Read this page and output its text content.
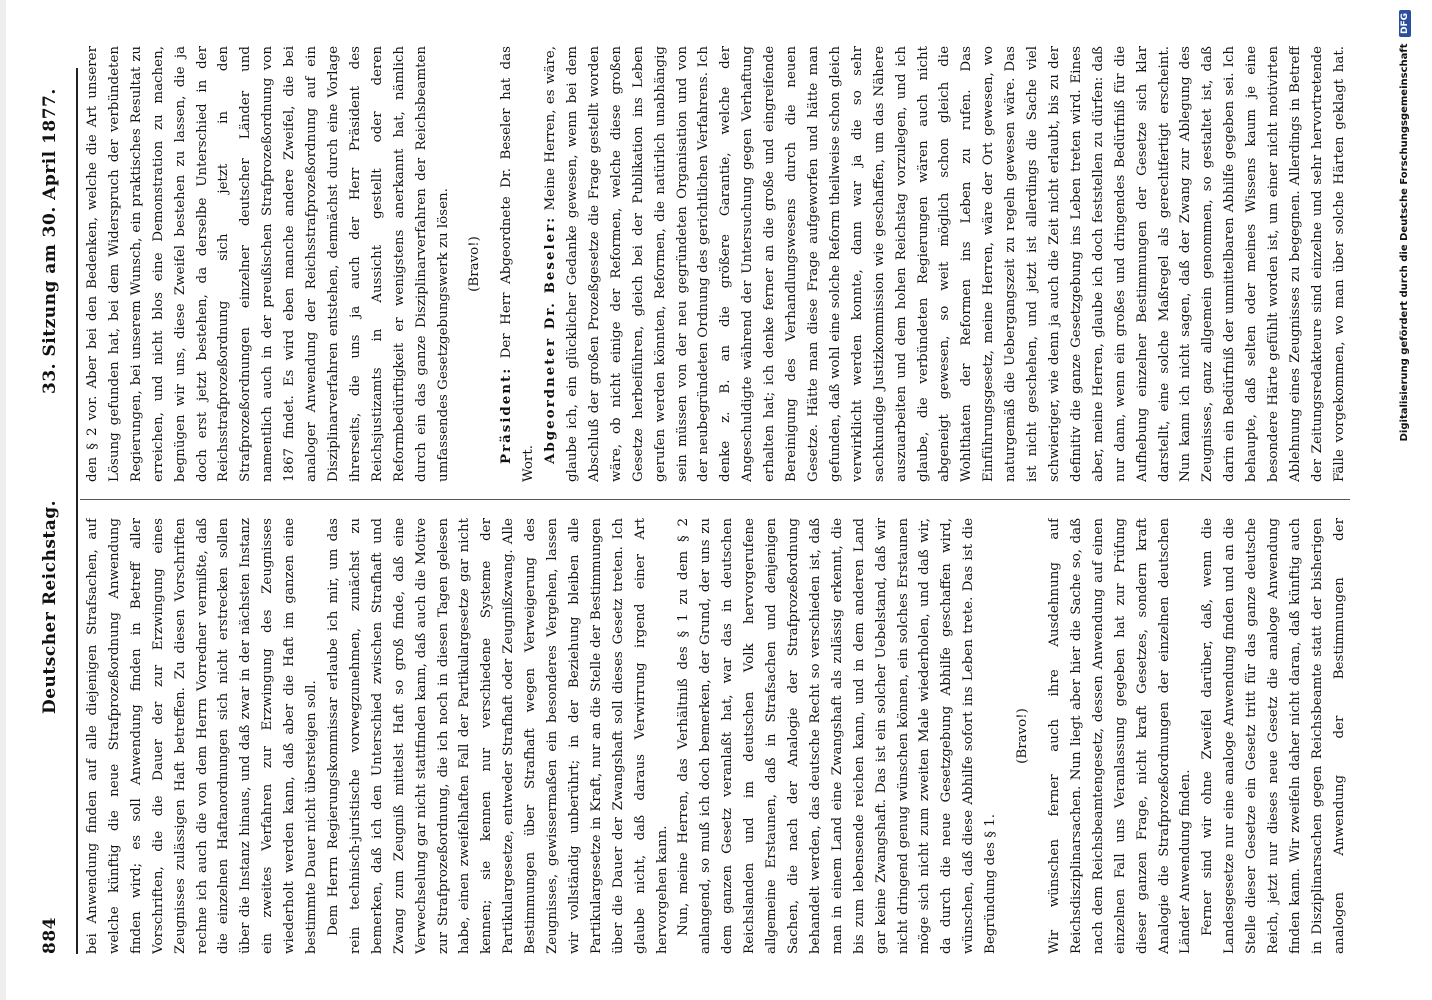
884
Deutscher Reichstag.
33. Sitzung am 30. April 1877.

bei Anwendung finden auf alle diejenigen Strafsachen, auf welche künftig die neue Strafprozeßordnung Anwendung finden wird; es soll Anwendung finden in Betreff aller Vorschriften, die die Dauer der zur Erzwingung eines Zeugnisses zulässigen Haft betreffen. Zu diesen Vorschriften rechne ich auch die von dem Herrn Vorredner vermißte, daß die einzelnen Haftanordnungen sich nicht erstrecken sollen über die Instanz hinaus, und daß zwar in der nächsten Instanz ein zweites Verfahren zur Erzwingung des Zeugnisses wiederholt werden kann, daß aber die Haft im ganzen eine bestimmte Dauer nicht übersteigen soll. Dem Herrn Regierungskommissar erlaube ich mir, um das rein technisch-juristische vorwegzunehmen, zunächst zu bemerken, daß ich den Unterschied zwischen Strafhaft und Zwang zum Zeugniß mittelst Haft so groß finde, daß eine Verwechselung gar nicht stattfinden kann, daß auch die Motive zur Strafprozeßordnung, die ich noch in diesen Tagen gelesen habe, einen zweifelhaften Fall der Partikulargesetze gar nicht kennen; sie kennen nur verschiedene Systeme der Partikulargesetze, entweder Strafhaft oder Zeugnißzwang. Alle Bestimmungen über Strafhaft wegen Verweigerung des Zeugnisses, gewissermaßen ein besonderes Vergehen, lassen wir vollständig unberührt; in der Beziehung bleiben alle Partikulargesetze in Kraft, nur an die Stelle der Bestimmungen über die Dauer der Zwangshaft soll dieses Gesetz treten. Ich glaube nicht, daß daraus Verwirrung irgend einer Art hervorgehen kann. Nun, meine Herren, das Verhältniß des § 1 zu dem § 2 anlangend, so muß ich doch bemerken, der Grund, der uns zu dem ganzen Gesetz veranlaßt hat, war das in deutschen Reichslanden und im deutschen Volk hervorgerufene allgemeine Erstaunen, daß in Strafsachen und denjenigen Sachen, die nach der Analogie der Strafprozeßordnung behandelt werden, das deutsche Recht so verschieden ist, daß man in einem Land eine Zwangshaft als zulässig erkennt, die bis zum lebensende reichen kann, und in dem anderen Land gar keine Zwangshaft. Das ist ein solcher Uebelstand, daß wir nicht dringend genug wünschen können, ein solches Erstaunen möge sich nicht zum zweiten Male wiederholen, und daß wir, da durch die neue Gesetzgebung Abhilfe geschaffen wird, wünschen, daß diese Abhilfe sofort ins Leben trete. Das ist die Begründung des § 1.

(Bravo!) Wir wünschen ferner auch ihre Ausdehnung auf Reichsdisziplinarsachen. Nun liegt aber hier die Sache so, daß nach dem Reichsbeamtengesetz, dessen Anwendung auf einen einzelnen Fall uns Veranlassung gegeben hat zur Prüfung dieser ganzen Frage, nicht kraft Gesetzes, sondern kraft Analogie die Strafprozeßordnungen der einzelnen deutschen Länder Anwendung finden. Ferner sind wir ohne Zweifel darüber, daß, wenn die Landesgesetze nur eine analoge Anwendung finden und an die Stelle dieser Gesetze ein Gesetz tritt für das ganze deutsche Reich, jetzt nur dieses neue Gesetz die analoge Anwendung finden kann. Wir zweifeln daher nicht daran, daß künftig auch in Disziplinarsachen gegen Reichsbeamte statt der bisherigen analogen Anwendung der Bestimmungen der

den § 2 vor. Aber bei den Bedenken, welche die Art unserer Lösung gefunden hat, bei dem Widerspruch der verbündeten Regierungen, bei unserem Wunsch, ein praktisches Resultat zu erreichen, und nicht blos eine Demonstration zu machen, begnügen wir uns, diese Zweifel bestehen zu lassen, die ja doch erst jetzt bestehen, da derselbe Unterschied in der Reichsstrafprozeßordnung sich jetzt in den Strafprozeßordnungen einzelner deutscher Länder und namentlich auch in der preußischen Strafprozeßordnung von 1867 findet. Es wird eben manche andere Zweifel, die bei analoger Anwendung der Reichsstrafprozeßordnung auf ein Disziplinarverfahren entstehen, demnächst durch eine Vorlage ihrerseits, die uns ja auch der Herr Präsident des Reichsjustizamts in Aussicht gestellt oder deren Reformbedürftigkeit er wenigstens anerkannt hat, nämlich durch ein das ganze Disziplinarverfahren der Reichsbeamten umfassendes Gesetzgebungswerk zu lösen. (Bravo!)

Präsident: Der Herr Abgeordnete Dr. Beseler hat das Wort. Abgeordneter Dr. Beseler: Meine Herren, es wäre, glaube ich, ein glücklicher Gedanke gewesen, wenn bei dem Abschluß der großen Prozeßgesetze die Frage gestellt worden wäre, ob nicht einige der Reformen, welche diese großen Gesetze herbeiführen, gleich bei der Publikation ins Leben gerufen werden könnten, Reformen, die natürlich unabhängig sein müssen von der neu gegründeten Organisation und von der neubegründeten Ordnung des gerichtlichen Verfahrens. Ich denke z. B. an die größere Garantie, welche der Angeschuldigte während der Untersuchung gegen Verhaftung erhalten hat; ich denke ferner an die große und eingreifende Bereinigung des Verhandlungswesens durch die neuen Gesetze. Hätte man diese Frage aufgeworfen und hätte man gefunden, daß wohl eine solche Reform theilweise schon gleich verwirklicht werden konnte, dann war ja die so sehr sachkundige Justizkommission wie geschaffen, um das Nähere auszuarbeiten und dem hohen Reichstag vorzulegen, und ich glaube, die verbündeten Regierungen wären auch nicht abgeneigt gewesen, so weit möglich schon gleich die Wohlthaten der Reformen ins Leben zu rufen. Das Einführungsgesetz, meine Herren, wäre der Ort gewesen, wo naturgemäß die Uebergangszeit zu regeln gewesen wäre. Das ist nicht geschehen, und jetzt ist allerdings die Sache viel schwieriger, wie denn ja auch die Zeit nicht erlaubt, bis zu der definitiv die ganze Gesetzgebung ins Leben treten wird. Eines aber, meine Herren, glaube ich doch feststellen zu dürfen: daß nur dann, wenn ein großes und dringendes Bedürfniß für die Aufhebung einzelner Bestimmungen der Gesetze sich klar darstellt, eine solche Maßregel als gerechtfertigt erscheint. Nun kann ich nicht sagen, daß der Zwang zur Ablegung des Zeugnisses, ganz allgemein genommen, so gestaltet ist, daß darin ein Bedürfniß der unmittelbaren Abhilfe gegeben sei. Ich behaupte, daß selten oder meines Wissens kaum je eine besondere Härte gefühlt worden ist, um einer nicht motivirten Ablehnung eines Zeugnisses zu begegnen. Allerdings in Betreff der Zeitungsredakteure sind einzelne und sehr hervortretende Fälle vorgekommen, wo man über solche Härten geklagt hat.	Digitalisierung gefördert durch die Deutsche Forschungsgemeinschaft DFG
